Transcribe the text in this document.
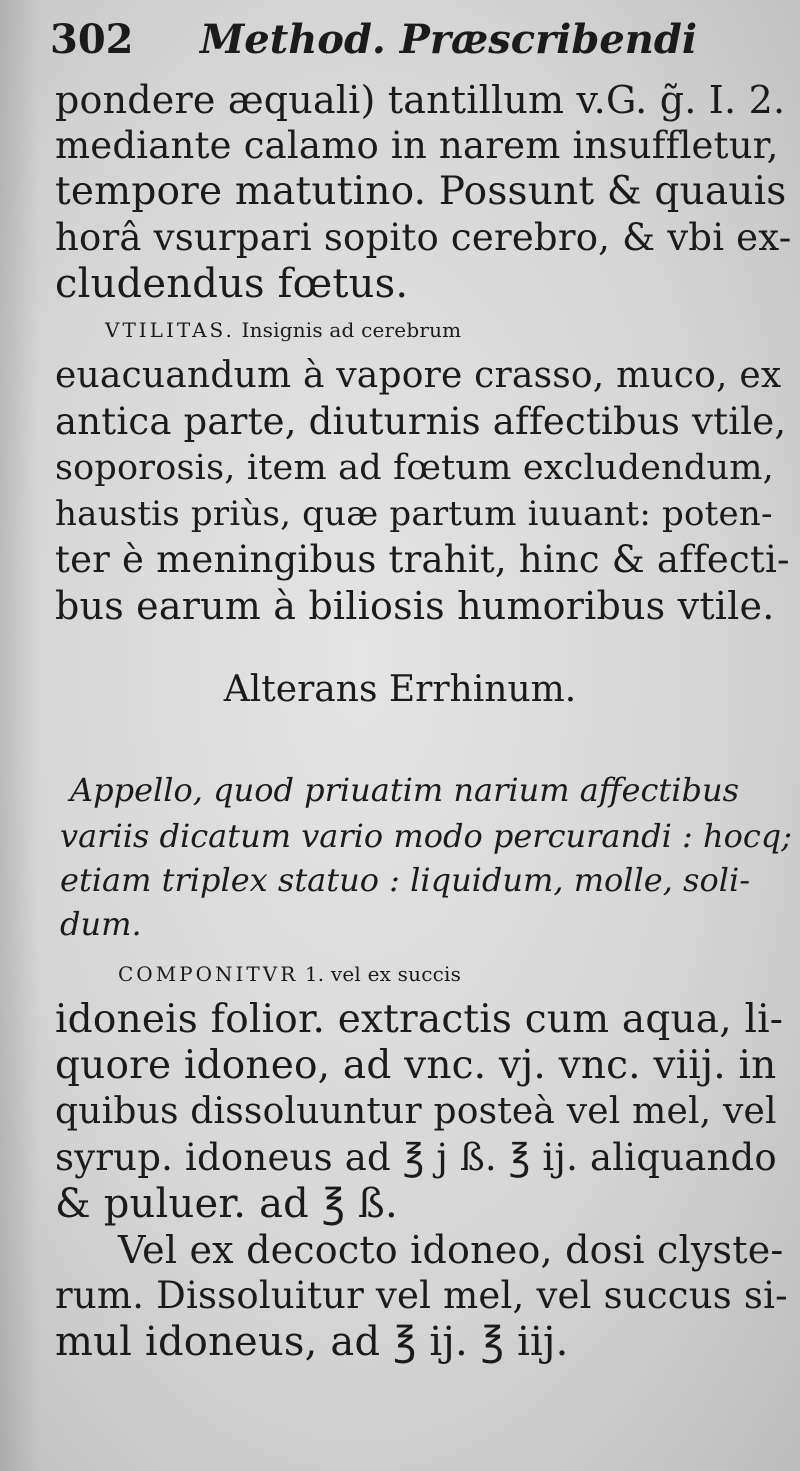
302 Method. Præscribendi
pondere æquali) tantillum v.G. g̃. I. 2.
mediante calamo in narem insuffletur,
tempore matutino. Possunt & quauis
horâ vsurpari sopito cerebro, & vbi ex-
cludendus fœtus.
VTILITAS. Insignis ad cerebrum
euacuandum à vapore crasso, muco, ex
antica parte, diuturnis affectibus vtile,
soporosis, item ad fœtum excludendum,
haustis priùs, quæ partum iuuant: poten-
ter è meningibus trahit, hinc & affecti-
bus earum à biliosis humoribus vtile.
Alterans Errhinum.
Appello, quod priuatim narium affectibus
variis dicatum vario modo percurandi : hocq;
etiam triplex statuo : liquidum, molle, soli-
dum.
COMPONITVR 1. vel ex succis
idoneis folior. extractis cum aqua, li-
quore idoneo, ad vnc. vj. vnc. viij. in
quibus dissoluuntur posteà vel mel, vel
syrup. idoneus ad ℥ j ß. ℥ ij. aliquando
& puluer. ad ℥ ß.
Vel ex decocto idoneo, dosi clyste-
rum. Dissoluitur vel mel, vel succus si-
mul idoneus, ad ℥ ij. ℥ iij.
